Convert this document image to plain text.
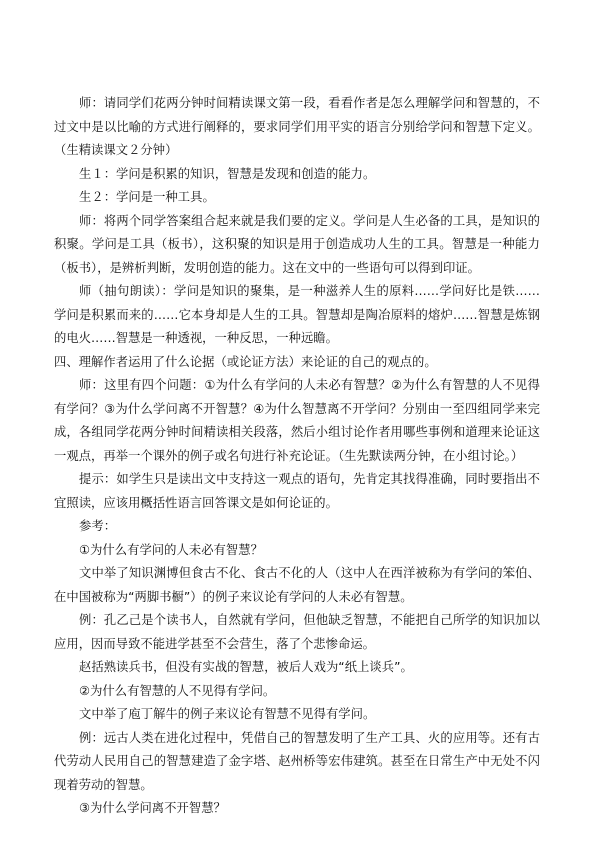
师：请同学们花两分钟时间精读课文第一段，看看作者是怎么理解学问和智慧的，不过文中是以比喻的方式进行阐释的，要求同学们用平实的语言分别给学问和智慧下定义。（生精读课文２分钟）

生１：学问是积累的知识，智慧是发现和创造的能力。

生２：学问是一种工具。

师：将两个同学答案组合起来就是我们要的定义。学问是人生必备的工具，是知识的积聚。学问是工具（板书），这积聚的知识是用于创造成功人生的工具。智慧是一种能力（板书），是辨析判断，发明创造的能力。这在文中的一些语句可以得到印证。

师（抽句朗读）：学问是知识的聚集，是一种滋养人生的原料……学问好比是铁……学问是积累而来的……它本身却是人生的工具。智慧却是陶冶原料的熔炉……智慧是炼钢的电火……智慧是一种透视，一种反思，一种远瞻。

四、理解作者运用了什么论据（或论证方法）来论证的自己的观点的。

师：这里有四个问题：①为什么有学问的人未必有智慧？②为什么有智慧的人不见得有学问？③为什么学问离不开智慧？④为什么智慧离不开学问？分别由一至四组同学来完成，各组同学花两分钟时间精读相关段落，然后小组讨论作者用哪些事例和道理来论证这一观点，再举一个课外的例子或名句进行补充论证。（生先默读两分钟，在小组讨论。）

提示：如学生只是读出文中支持这一观点的语句，先肯定其找得准确，同时要指出不宜照读，应该用概括性语言回答课文是如何论证的。

参考：

①为什么有学问的人未必有智慧？

文中举了知识渊博但食古不化、食古不化的人（这中人在西洋被称为有学问的笨伯、在中国被称为“两脚书橱”）的例子来议论有学问的人未必有智慧。

例：孔乙己是个读书人，自然就有学问，但他缺乏智慧，不能把自己所学的知识加以应用，因而导致不能进学甚至不会营生，落了个悲惨命运。

赵括熟读兵书，但没有实战的智慧，被后人戏为“纸上谈兵”。

②为什么有智慧的人不见得有学问。

文中举了庖丁解牛的例子来议论有智慧不见得有学问。

例：远古人类在进化过程中，凭借自己的智慧发明了生产工具、火的应用等。还有古代劳动人民用自己的智慧建造了金字塔、赵州桥等宏伟建筑。甚至在日常生产中无处不闪现着劳动的智慧。

③为什么学问离不开智慧？
